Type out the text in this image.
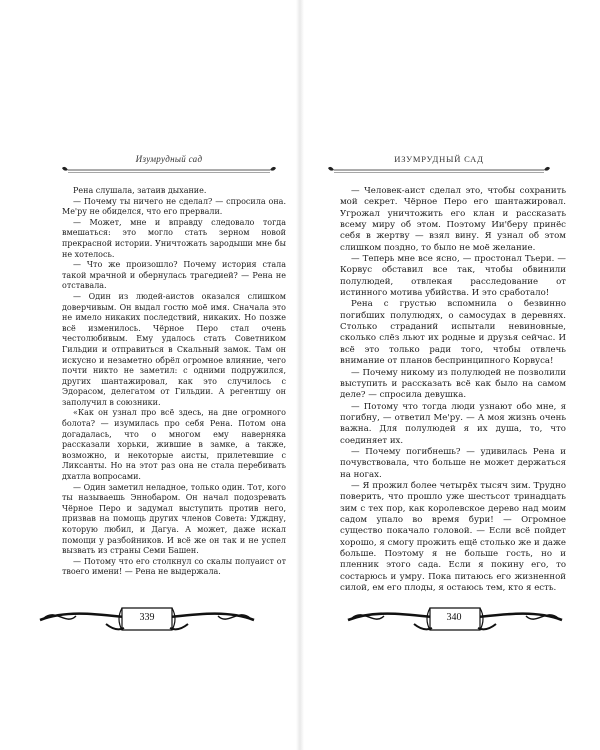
Изумрудный сад

Рена слушала, затаив дыхание.

— Почему ты ничего не сделал? — спросила она. Ме'ру не обиделся, что его прервали.

— Может, мне и вправду следовало тогда вмешаться: это могло стать зерном новой прекрасной истории. Уничтожать зародыши мне бы не хотелось.

— Что же произошло? Почему история стала такой мрачной и обернулась трагедией? — Рена не отставала.

— Один из людей-аистов оказался слишком доверчивым. Он выдал гостю моё имя. Сначала это не имело никаких последствий, никаких. Но позже всё изменилось. Чёрное Перо стал очень честолюбивым. Ему удалось стать Советником Гильдии и отправиться в Скальный замок. Там он искусно и незаметно обрёл огромное влияние, чего почти никто не заметил: с одними подружился, других шантажировал, как это случилось с Эдорасом, делегатом от Гильдии. А регентшу он заполучил в союзники.

«Как он узнал про всё здесь, на дне огромного болота? — изумилась про себя Рена. Потом она догадалась, что о многом ему наверняка рассказали хорьки, жившие в замке, а также, возможно, и некоторые аисты, прилетевшие с Ликсанты. Но на этот раз она не стала перебивать дхатла вопросами.

— Один заметил неладное, только один. Тот, кого ты называешь Эннобаром. Он начал подозревать Чёрное Перо и задумал выступить против него, призвав на помощь других членов Совета: Удждну, которую любил, и Дагуа. А может, даже искал помощи у разбойников. И всё же он так и не успел вызвать из страны Семи Башен.

— Потому что его столкнул со скалы полуаист от твоего имени! — Рена не выдержала.

339
ИЗУМРУДНЫЙ САД

— Человек-аист сделал это, чтобы сохранить мой секрет. Чёрное Перо его шантажировал. Угрожал уничтожить его клан и рассказать всему миру об этом. Поэтому Ии'беру принёс себя в жертву — взял вину. Я узнал об этом слишком поздно, то было не моё желание.

— Теперь мне все ясно, — простонал Тьери. — Корвус обставил все так, чтобы обвинили полулюдей, отвлекая расследование от истинного мотива убийства. И это сработало!

Рена с грустью вспомнила о безвинно погибших полулюдях, о самосудах в деревнях. Столько страданий испытали невиновные, сколько слёз льют их родные и друзья сейчас. И всё это только ради того, чтобы отвлечь внимание от планов беспринципного Корвуса!

— Почему никому из полулюдей не позволили выступить и рассказать всё как было на самом деле? — спросила девушка.

— Потому что тогда люди узнают обо мне, я погибну, — ответил Ме'ру. — А моя жизнь очень важна. Для полулюдей я их душа, то, что соединяет их.

— Почему погибнешь? — удивилась Рена и почувствовала, что больше не может держаться на ногах.

— Я прожил более четырёх тысяч зим. Трудно поверить, что прошло уже шестьсот тринадцать зим с тех пор, как королевское дерево над моим садом упало во время бури! — Огромное существо покачало головой. — Если всё пойдет хорошо, я смогу прожить ещё столько же и даже больше. Поэтому я не больше гость, но и пленник этого сада. Если я покину его, то состарюсь и умру. Пока питаюсь его жизненной силой, ем его плоды, я остаюсь тем, кто я есть.

340
